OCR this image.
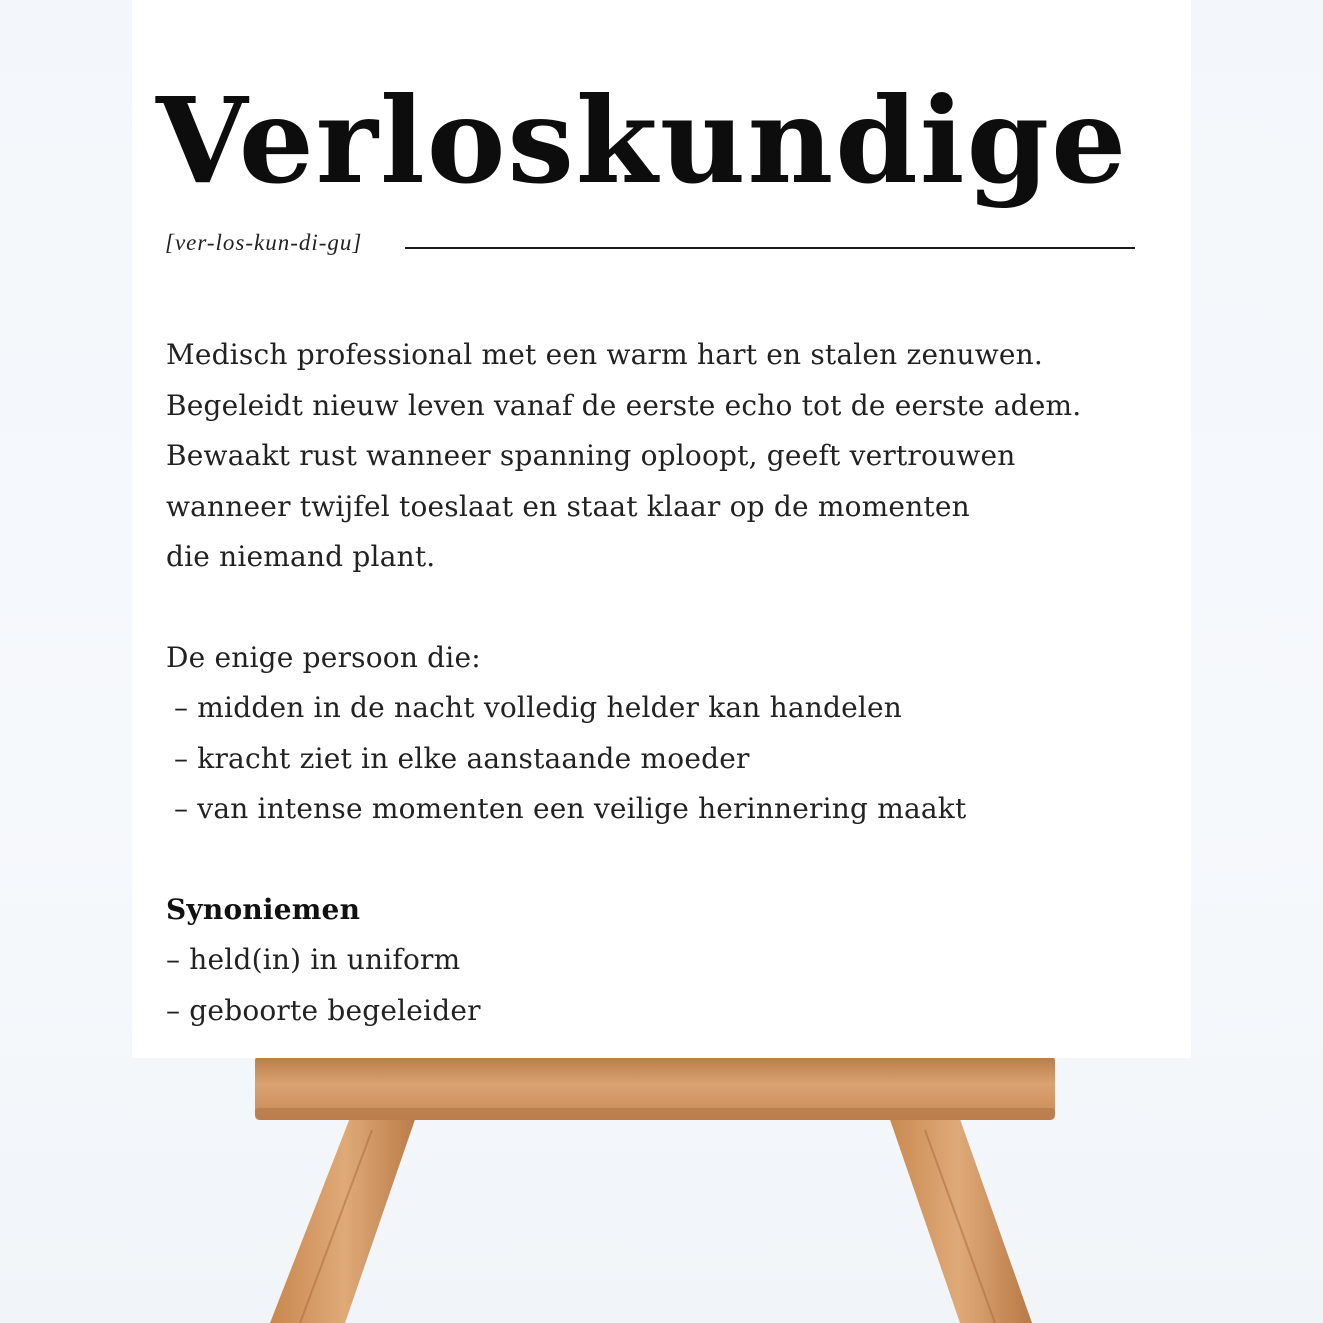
Verloskundige
[ver-los-kun-di-gu]
Medisch professional met een warm hart en stalen zenuwen.
Begeleidt nieuw leven vanaf de eerste echo tot de eerste adem.
Bewaakt rust wanneer spanning oploopt, geeft vertrouwen
wanneer twijfel toeslaat en staat klaar op de momenten
die niemand plant.
De enige persoon die:
– midden in de nacht volledig helder kan handelen
– kracht ziet in elke aanstaande moeder
– van intense momenten een veilige herinnering maakt
Synoniemen
– held(in) in uniform
– geboorte begeleider
